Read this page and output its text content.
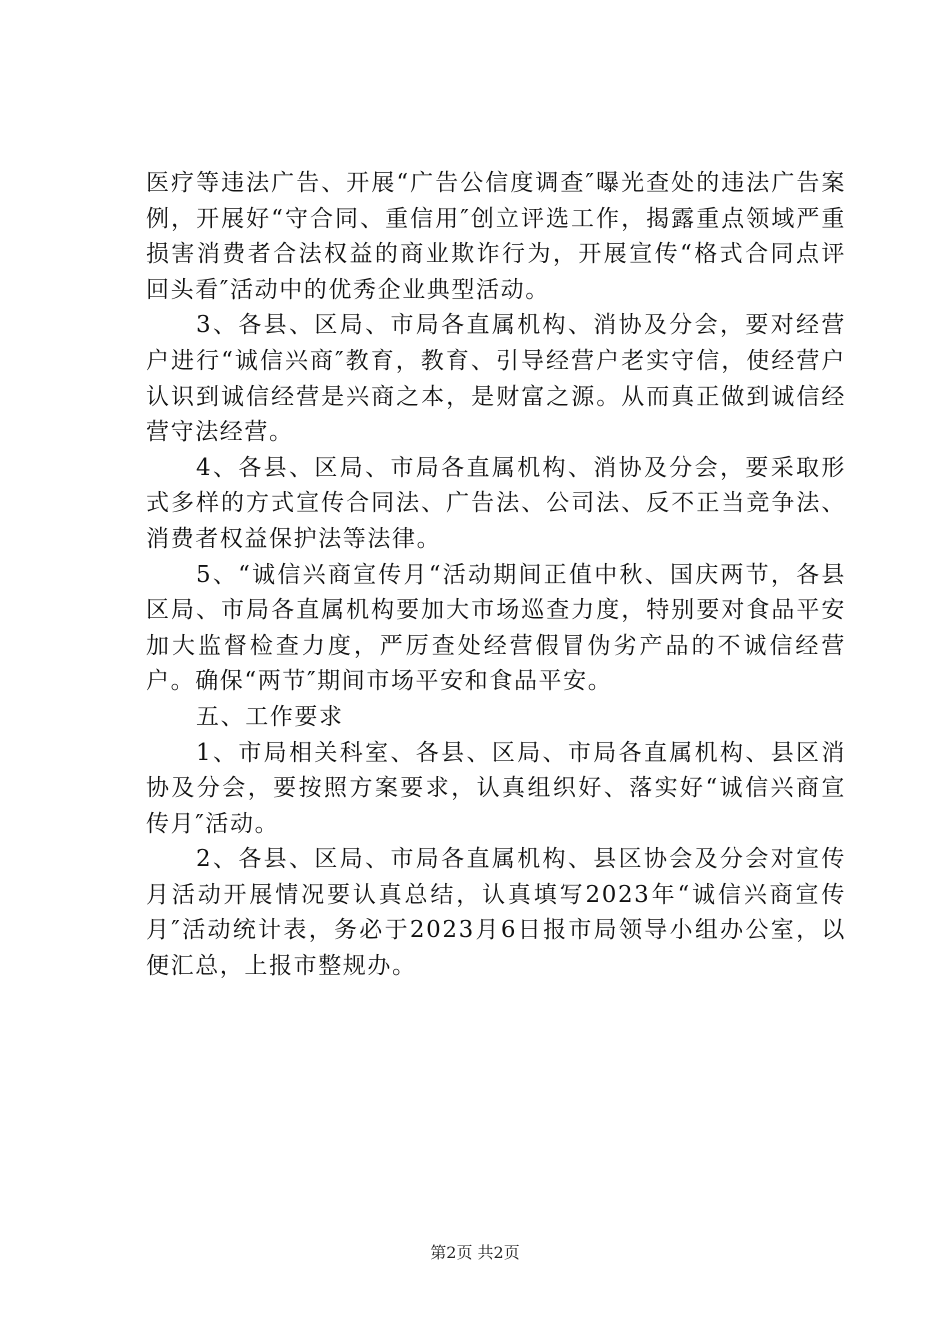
医疗等违法广告、开展“广告公信度调查″曝光查处的违法广告案例，开展好“守合同、重信用″创立评选工作，揭露重点领域严重损害消费者合法权益的商业欺诈行为，开展宣传“格式合同点评回头看″活动中的优秀企业典型活动。

3、各县、区局、市局各直属机构、消协及分会，要对经营户进行“诚信兴商″教育，教育、引导经营户老实守信，使经营户认识到诚信经营是兴商之本，是财富之源。从而真正做到诚信经营守法经营。

4、各县、区局、市局各直属机构、消协及分会，要采取形式多样的方式宣传合同法、广告法、公司法、反不正当竞争法、消费者权益保护法等法律。

5、“诚信兴商宣传月“活动期间正值中秋、国庆两节，各县区局、市局各直属机构要加大市场巡查力度，特别要对食品平安加大监督检查力度，严厉查处经营假冒伪劣产品的不诚信经营户。确保“两节″期间市场平安和食品平安。

五、工作要求

1、市局相关科室、各县、区局、市局各直属机构、县区消协及分会，要按照方案要求，认真组织好、落实好“诚信兴商宣传月″活动。

2、各县、区局、市局各直属机构、县区协会及分会对宣传月活动开展情况要认真总结，认真填写2023年“诚信兴商宣传月″活动统计表，务必于2023月6日报市局领导小组办公室，以便汇总，上报市整规办。

第2页 共2页
